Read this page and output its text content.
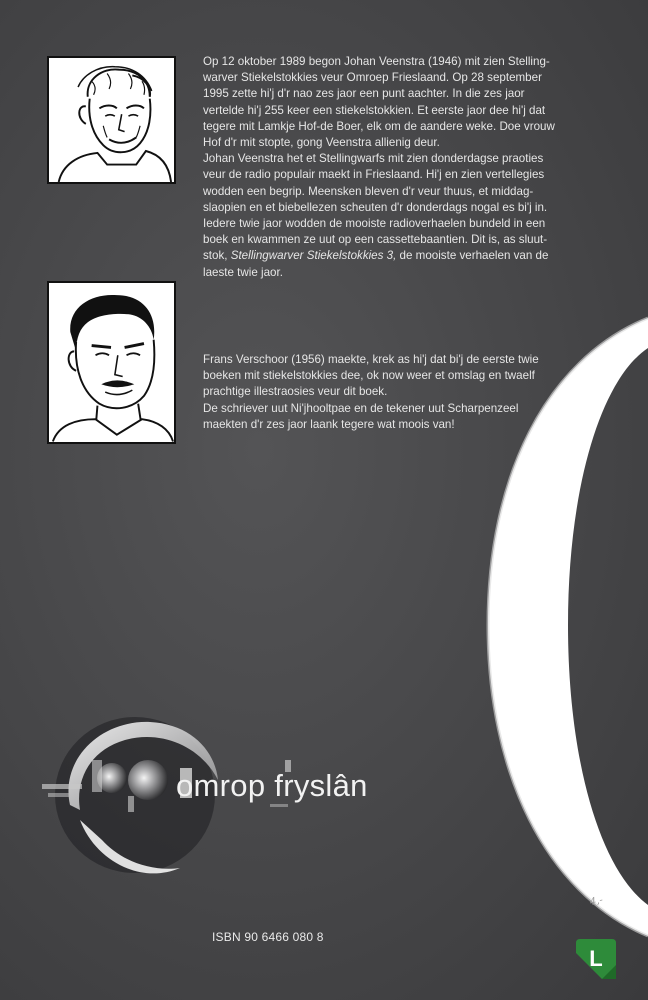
Op 12 oktober 1989 begon Johan Veenstra (1946) mit zien Stelling-

warver Stiekelstokkies veur Omroep Frieslaand. Op 28 september

1995 zette hi'j d'r nao zes jaor een punt aachter. In die zes jaor

vertelde hi'j 255 keer een stiekelstokkien. Et eerste jaor dee hi'j dat

tegere mit Lamkje Hof-de Boer, elk om de aandere weke. Doe vrouw

Hof d'r mit stopte, gong Veenstra allienig deur.

Johan Veenstra het et Stellingwarfs mit zien donderdagse praoties

veur de radio populair maekt in Frieslaand. Hi'j en zien vertellegies

wodden een begrip. Meensken bleven d'r veur thuus, et middag-

slaopien en et biebellezen scheuten d'r donderdags nogal es bi'j in.

Iedere twie jaor wodden de mooiste radioverhaelen bundeld in een

boek en kwammen ze uut op een cassettebaantien. Dit is, as sluut-

stok, Stellingwarver Stiekelstokkies 3, de mooiste verhaelen van de

laeste twie jaor.

Frans Verschoor (1956) maekte, krek as hi'j dat bi'j de eerste twie

boeken mit stiekelstokkies dee, ok now weer et omslag en twaelf

prachtige illestraosies veur dit boek.

De schriever uut Ni'jhooltpae en de tekener uut Scharpenzeel

maekten d'r zes jaor laank tegere wat moois van!

omrop fryslân
4,-
ISBN 90 6466 080 8
L
